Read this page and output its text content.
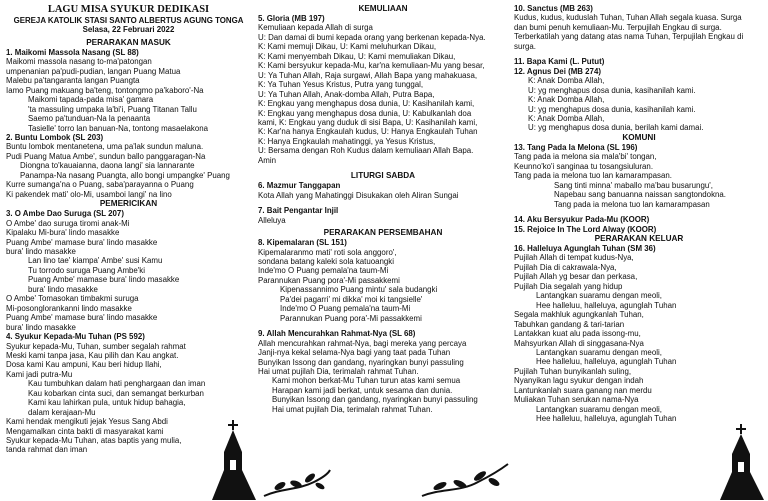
LAGU MISA SYUKUR DEDIKASI
GEREJA KATOLIK STASI SANTO ALBERTUS AGUNG TONGA
Selasa, 22 Februari 2022
PERARAKAN MASUK
1. Maikomi Massola Nasang (SL 88)
Maikomi massola nasang to-ma'patongan
umpenanian pa'pudi-pudian, langan Puang Matua
Malebu pa'tangaranta langan Puangta
Iamo Puang makuang ba'teng, tontongmo pa'kaboro'-Na
Maikomi tapada-pada misa' gamara
'ta massuling umpaka la'bi'i, Puang Titanan Tallu
Saemo pa'tunduan-Na la penaanta
Tasielle' torro lan banuan-Na, tontong masaelakona
2. Buntu Lombok (SL 203)
Buntu lombok mentanetena, uma pa'lak sundun maluna.
Pudi Puang Matua Ambe', sundun ballo panggaragan-Na
Diongna to'kauaianna, daona langi' sia lannarante
Panampa-Na nasang Puangta, allo bongi umpangke' Puang
Kurre sumanga'na o Puang, saba'parayanna o Puang
Ki pakendek mati' olo-Mi, usamboi langi' na lino
PEMERICIKAN
3. O Ambe Dao Suruga (SL 207)
O Ambe' dao suruga tiromi anak-Mi
Kipalaku Mi-bura' lindo masakke
Puang Ambe' mamase bura' lindo masakke
bura' lindo masakke
Lan lino tae' kiampa' Ambe' susi Kamu
Tu torrodo suruga Puang Ambe'ki
Puang Ambe' mamase bura' lindo masakke
bura' lindo masakke
O Ambe' Tomasokan timbakmi suruga
Mi-posonglorankanni lindo masakke
Puang Ambe' mamase bura' lindo masakke
bura' lindo masakke
4. Syukur Kepada-Mu Tuhan (PS 592)
Syukur kepada-Mu, Tuhan, sumber segalah rahmat
Meski kami tanpa jasa, Kau pilih dan Kau angkat.
Dosa kami Kau ampuni, Kau beri hidup Ilahi,
Kami jadi putra-Mu
Kau tumbuhkan dalam hati penghargaan dan iman
Kau kobarkan cinta suci, dan semangat berkurban
Kami kau lahirkan pula, untuk hidup bahagia,
dalam kerajaan-Mu
Kami hendak mengikuti jejak Yesus Sang Abdi
Mengamalkan cinta bakti di masyarakat kami
Syukur kepada-Mu Tuhan, atas baptis yang mulia,
tanda rahmat dan iman
KEMULIAAN
5. Gloria (MB 197)
Kemuliaan kepada Allah di surga
U: Dan damai di bumi kepada orang yang berkenan kepada-Nya.
K: Kami memuji Dikau, U: Kami meluhurkan Dikau,
K: Kami menyembah Dikau, U: Kami memuliakan Dikau,
K: Kami bersyukur kepada-Mu, kar'na kemuliaan-Mu yang besar,
U: Ya Tuhan Allah, Raja surgawi, Allah Bapa yang mahakuasa,
K: Ya Tuhan Yesus Kristus, Putra yang tunggal,
U: Ya Tuhan Allah, Anak-domba Allah, Putra Bapa,
K: Engkau yang menghapus dosa dunia, U: Kasihanilah kami,
K: Engkau yang menghapus dosa dunia, U: Kabulkanlah doa
kami, K: Engkau yang duduk di sisi Bapa, U: Kasihanilah kami,
K: Kar'na hanya Engkaulah kudus, U: Hanya Engkaulah Tuhan
K: Hanya Engkaulah mahatinggi, ya Yesus Kristus,
U: Bersama dengan Roh Kudus dalam kemuliaan Allah Bapa.
Amin
LITURGI SABDA
6. Mazmur Tanggapan
Kota Allah yang Mahatinggi Disukakan oleh Aliran Sungai
7. Bait Pengantar Injil
Alleluya
PERARAKAN PERSEMBAHAN
8. Kipemalaran (SL 151)
Kipemalaranmo mati' roti sola anggoro',
sondana batang kaleki sola katuoangki
Inde'mo O Puang pemala'na taum-Mi
Parannukan Puang pora'-Mi passakkemi
Kipenassannimo Puang mintu' sala budangki
Pa'dei pagarri' mi dikka' moi ki tangsielle'
Inde'mo O Puang pemala'na taum-Mi
Parannukan Puang pora'-Mi passakkemi
9. Allah Mencurahkan Rahmat-Nya (SL 68)
Allah mencurahkan rahmat-Nya, bagi mereka yang percaya
Janji-nya kekal selama-Nya bagi yang taat pada Tuhan
Bunyikan Issong dan gandang, nyaringkan bunyi passuling
Hai umat pujilah Dia, terimalah rahmat Tuhan.
Kami mohon berkat-Mu Tuhan turun atas kami semua
Harapan kami jadi berkat, untuk sesama dan dunia.
Bunyikan Issong dan gandang, nyaringkan bunyi passuling
Hai umat pujilah Dia, terimalah rahmat Tuhan.
10. Sanctus (MB 263)
Kudus, kudus, kuduslah Tuhan, Tuhan Allah segala kuasa. Surga
dan bumi penuh kemuliaan-Mu. Terpujilah Engkau di surga.
Terberkatilah yang datang atas nama Tuhan, Terpujilah Engkau di
surga.
11. Bapa Kami (L. Putut)
12. Agnus Dei (MB 274)
K: Anak Domba Allah,
U: yg menghapus dosa dunia, kasihanilah kami.
K: Anak Domba Allah,
U: yg menghapus dosa dunia, kasihanilah kami.
K: Anak Domba Allah,
U: yg menghapus dosa dunia, berilah kami damai.
KOMUNI
13. Tang Pada Ia Melona (SL 196)
Tang pada ia melona sia mala'bi' tongan,
Keunno'ko'i sanginaa tu tosangsiuluran.
Tang pada ia melona tuo lan kamarampasan.
Sang tinti minna' maballo ma'bau busarungu',
Napebau sang banuanna naissan sangtondokna.
Tang pada ia melona tuo lan kamarampasan
14. Aku Bersyukur Pada-Mu (KOOR)
15. Rejoice In The Lord Alway (KOOR)
PERARAKAN KELUAR
16. Halleluya Agunglah Tuhan (SM 36)
Pujilah Allah di tempat kudus-Nya,
Pujilah Dia di cakrawala-Nya,
Pujilah Allah yg besar dan perkasa,
Pujilah Dia segalah yang hidup
Lantangkan suaramu dengan meoli,
Hee halleluu, halleluya, agunglah Tuhan
Segala makhluk agungkanlah Tuhan,
Tabuhkan gandang & tari-tarian
Lantakkan kuat alu pada issong-mu,
Mahsyurkan Allah di singgasana-Nya
Lantangkan suaramu dengan meoli,
Hee halleluu, halleluya, agunglah Tuhan
Pujilah Tuhan bunyikanlah suling,
Nyanyikan lagu syukur dengan indah
Lantunkanlah suara ganang nan merdu
Muliakan Tuhan serukan nama-Nya
Lantangkan suaramu dengan meoli,
Hee halleluu, halleluya, agunglah Tuhan
